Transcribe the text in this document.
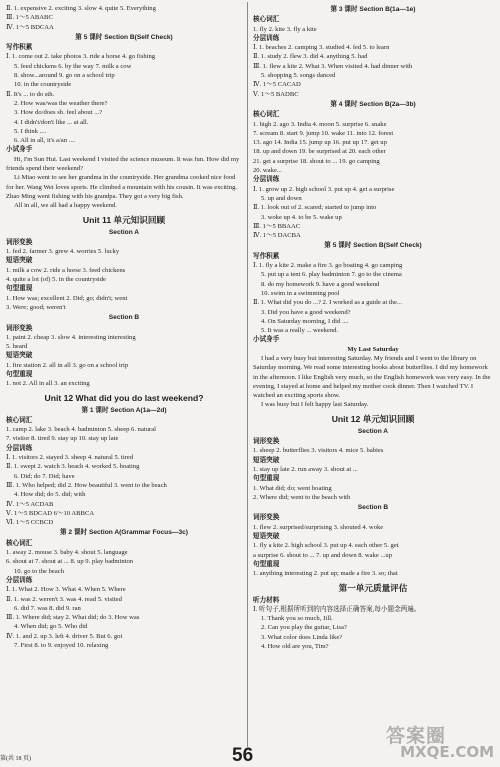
Ⅱ. 1. expensive 2. exciting 3. slow 4. quite 5. Everything
Ⅲ. 1～5 ABABC
Ⅳ. 1～5 BDCAA
第 5 课时 Section B(Self Check)
写作积累
Ⅰ. 1. come out 2. take photos 3. ride a horse 4. go fishing
5. feed chickens 6. by the way 7. milk a cow
8. show...around 9. go on a school trip
10. in the countryside
Ⅱ. It's ... to do sth.
2. How was/was the weather there?
3. How do/does sb. feel about ...?
4. I didn't/don't like ... at all.
5. I think ....
6. All in all, it's a/an ....
小试身手
Hi, I'm Sun Hui. Last weekend I visited the science museum. It was fun. How did my friends spend their weekend?
Li Miao went to see her grandma in the countryside. Her grandma cooked nice food for her. Wang Wei loves sports. He climbed a mountain with his cousin. It was exciting. Zhao Ming went fishing with his grandpa. They got a very big fish.
All in all, we all had a happy weekend.
Unit 11 单元知识回顾
Section A
词形变换
1. fed 2. farmer 3. grew 4. worries 5. lucky
短语突破
1. milk a cow 2. ride a horse 3. feed chickens
4. quite a lot (of) 5. in the countryside
句型重现
1. How was; excellent 2. Did; go; didn't; went
3. Were; good; weren't
Section B
词形变换
1. paint 2. cheap 3. slow 4. interesting interesting
5. heard
短语突破
1. fire station 2. all in all 3. go on a school trip
句型重现
1. not 2. All in all 3. an exciting
Unit 12 What did you do last weekend?
第 1 课时 Section A(1a—2d)
核心词汇
1. camp 2. lake 3. beach 4. badminton 5. sheep 6. natural
7. visitor 8. tired 9. stay up 10. stay up late
分层训练
Ⅰ. 1. visitors 2. stayed 3. sheep 4. natural 5. tired
Ⅱ. 1. swept 2. watch 3. beach 4. worked 5. boating
6. Did; do 7. Did; have
Ⅲ. 1. Who helped; did 2. How beautiful 3. went to the beach
4. How did; do 5. did; with
Ⅳ. 1～5 ACDAB
Ⅴ. 1～5 BDCAD 6～10 ABBCA
Ⅵ. 1～5 CCBCD
第 2 课时 Section A(Grammar Focus—3c)
核心词汇
1. away 2. mouse 3. baby 4. shout 5. language
6. shout at 7. shout at ... 8. up 9. play badminton
10. go to the beach
分层训练
Ⅰ. 1. What 2. How 3. What 4. When 5. Where
Ⅱ. 1. was 2. weren't 3. was 4. read 5. visited
6. did 7. was 8. did 9. ran
Ⅲ. 1. Where did; stay 2. What did; do 3. How was
4. When did; go 5. Who did
Ⅳ. 1. and 2. up 3. left 4. driver 5. But 6. got
7. First 8. to 9. enjoyed 10. relaxing
第 3 课时 Section B(1a—1e)
核心词汇
1. fly 2. kite 3. fly a kite
分层训练
Ⅰ. 1. beaches 2. camping 3. studied 4. fed 5. to learn
Ⅱ. 1. study 2. flew 3. did 4. anything 5. had
Ⅲ. 1. flew a kite 2. What 3. When visited 4. had dinner with
5. shopping 5. songs danced
Ⅳ. 1～5 CACAD
Ⅴ. 1～5 BADBC
第 4 课时 Section B(2a—3b)
核心词汇
1. high 2. ago 3. India 4. moon 5. surprise 6. snake
7. scream 8. start 9. jump 10. wake 11. into 12. forest
13. ago 14. India 15. jump up 16. put up 17. get up
18. up and down 19. be surprised at 20. each other
21. get a surprise 18. shout to ... 19. go camping
20. wake...
分层训练
Ⅰ. 1. grow up 2. high school 3. put up 4. get a surprise
5. up and down
Ⅱ. 1. look out of 2. scared; started to jump into
3. woke up 4. to be 5. wake up
Ⅲ. 1～5 BBAAC
Ⅳ. 1～5 DACBA
第 5 课时 Section B(Self Check)
写作积累
Ⅰ. 1. fly a kite 2. make a fire 3. go boating 4. go camping
5. put up a tent 6. play badminton 7. go to the cinema
8. do my homework 9. have a good weekend
10. swim in a swimming pool
Ⅱ. 1. What did you do ...? 2. I worked as a guide at the...
3. Did you have a good weekend?
4. On Saturday morning, I did ....
5. It was a really ... weekend.
小试身手
My Last Saturday
I had a very busy but interesting Saturday. My friends and I went to the library on Saturday morning. We read some interesting books about butterflies. I did my homework in the afternoon. I like English very much, so the English homework was very easy. In the evening, I stayed at home and helped my mother cook dinner. Then I watched TV. I watched an exciting sports show.
I was busy but I felt happy last Saturday.
Unit 12 单元知识回顾
Section A
词形变换
1. sheep 2. butterflies 3. visitors 4. mice 5. babies
短语突破
1. stay up late 2. run away 3. shout at ...
句型重现
1. What did; do; went boating
2. Where did; went to the beach with
Section B
词形变换
1. flew 2. surprised/surprising 3. shouted 4. woke
短语突破
1. fly a kite 2. high school 3. put up 4. each other 5. get
a surprise 6. shout to ... 7. up and down 8. wake ...up
句型重现
1. anything interesting 2. put up; made a fire 3. so; that
第一单元质量评估
听力材料
Ⅰ. 听句子,根据所听到的内容选择正确答案,每小题念两遍。
1. Thank you so much, Jill.
2. Can you play the guitar, Lisa?
3. What color does Linda like?
4. How old are you, Tim?
第(共 18 页)	56
答案圈
MXQE.COM
